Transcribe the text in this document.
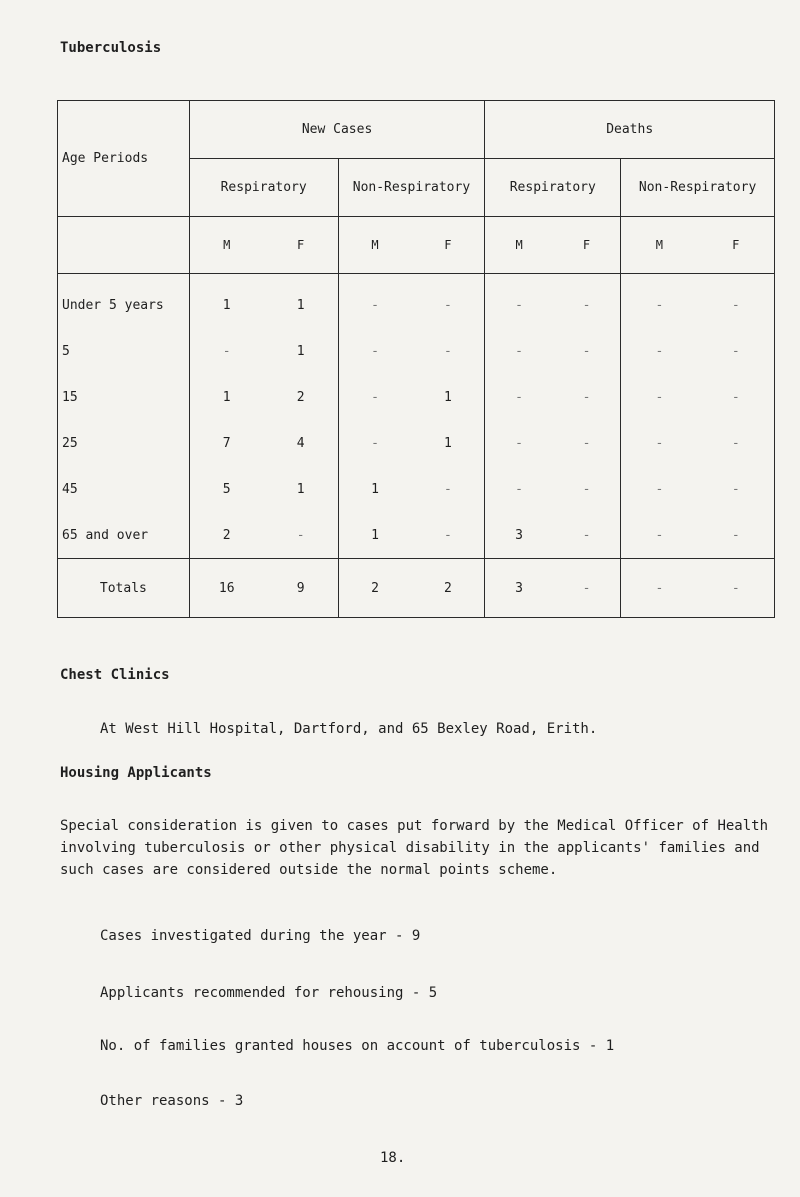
Tuberculosis
Age Periods	New Cases		Deaths	
	Respiratory	Non-Respiratory	Respiratory	Non-Respiratory

	M F	M F	M F	M F

Under 5 years	1 1	- -	- -	- -

5	- 1	- -	- -	- -

15	1 2	- 1	- -	- -

25	7 4	- 1	- -	- -

45	5 1	1 -	- -	- -

65 and over	2 -	1 -	3 -	- -

Totals	16 9	2 2	3 -	- -
Chest Clinics

At West Hill Hospital, Dartford, and 65 Bexley Road, Erith.

Housing Applicants

Special consideration is given to cases put forward by the Medical Officer of Health involving tuberculosis or other physical disability in the applicants' families and such cases are considered outside the normal points scheme.

Cases investigated during the year - 9

Applicants recommended for rehousing - 5

No. of families granted houses on account of tuberculosis - 1

Other reasons - 3

18.
